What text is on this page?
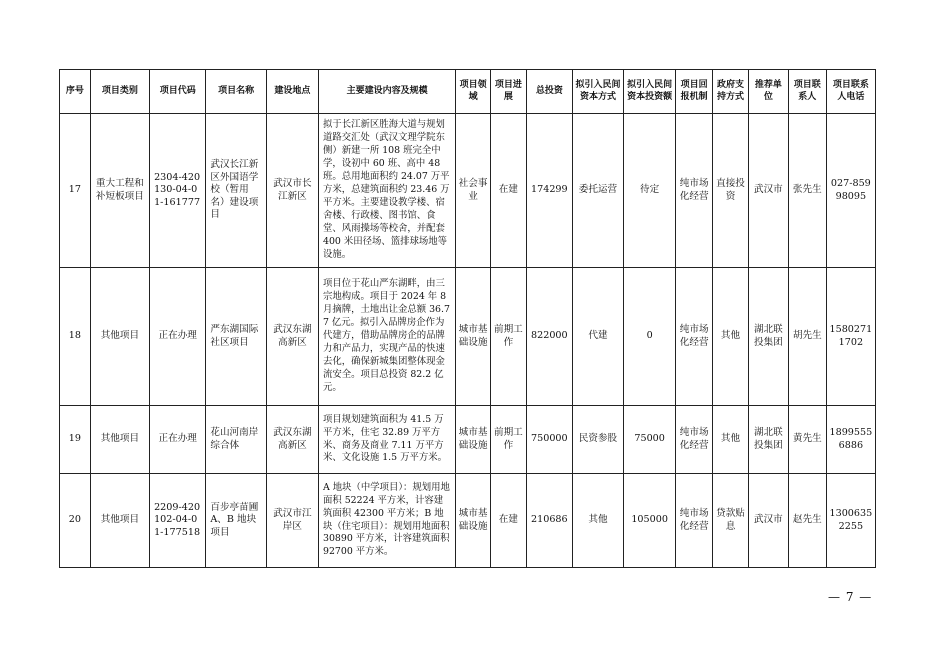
序号	项目类别	项目代码	项目名称	建设地点	主要建设内容及规模	项目领域	项目进展	总投资	拟引入民间资本方式	拟引入民间资本投资额	项目回报机制	政府支持方式	推荐单位	项目联系人	项目联系人电话
17	重大工程和补短板项目	2304-420130-04-01-161777	武汉长江新区外国语学校（暂用名）建设项目	武汉市长江新区	拟于长江新区胜海大道与规划道路交汇处（武汉文理学院东侧）新建一所 108 班完全中学，设初中 60 班、高中 48 班。总用地面积约 24.07 万平方米，总建筑面积约 23.46 万平方米。主要建设教学楼、宿舍楼、行政楼、图书馆、食堂、风雨操场等校舍，并配套 400 米田径场、篮排球场地等设施。	社会事业	在建	174299	委托运营	待定	纯市场化经营	直接投资	武汉市	张先生	027-85998095
18	其他项目	正在办理	严东湖国际社区项目	武汉东湖高新区	项目位于花山严东湖畔，由三宗地构成。项目于 2024 年 8 月摘牌，土地出让金总额 36.77 亿元。拟引入品牌房企作为代建方，借助品牌房企的品牌力和产品力，实现产品的快速去化，确保新城集团整体现金流安全。项目总投资 82.2 亿元。	城市基础设施	前期工作	822000	代建	0	纯市场化经营	其他	湖北联投集团	胡先生	15802711702
19	其他项目	正在办理	花山河南岸综合体	武汉东湖高新区	项目规划建筑面积为 41.5 万平方米，住宅 32.89 万平方米、商务及商业 7.11 万平方米、文化设施 1.5 万平方米。	城市基础设施	前期工作	750000	民资参股	75000	纯市场化经营	其他	湖北联投集团	黄先生	18995556886
20	其他项目	2209-420102-04-01-177518	百步亭苗圃 A、B 地块项目	武汉市江岸区	A 地块（中学项目）：规划用地面积 52224 平方米，计容建筑面积 42300 平方米；B 地块（住宅项目）：规划用地面积 30890 平方米，计容建筑面积 92700 平方米。	城市基础设施	在建	210686	其他	105000	纯市场化经营	贷款贴息	武汉市	赵先生	13006352255
— 7 —
